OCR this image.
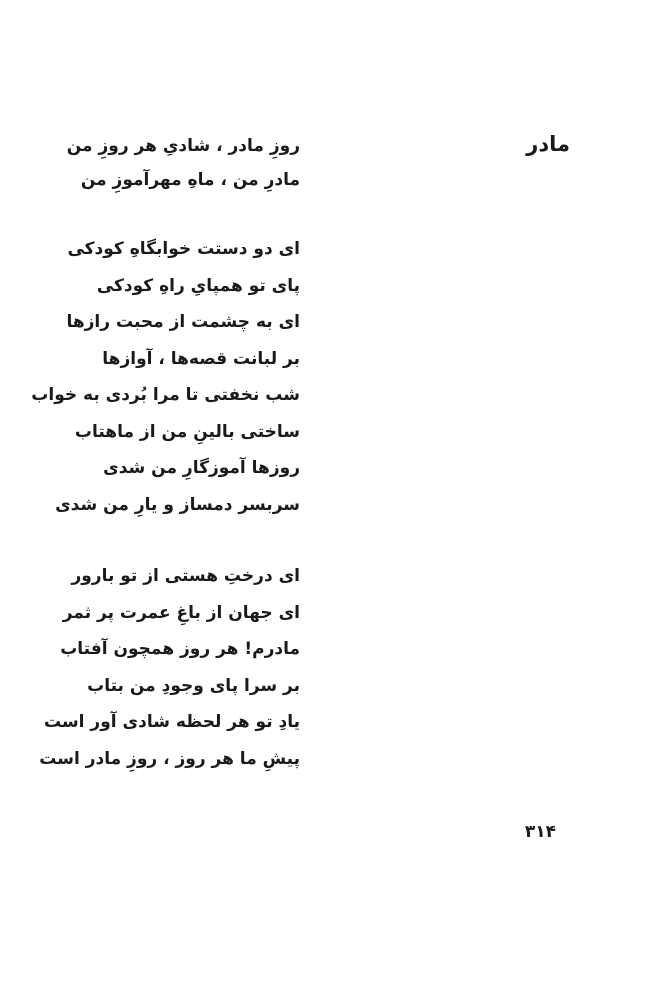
مادر
روزِ مادر ، شادیِ هر روزِ من
مادرِ من ، ماهِ مهرآموزِ من
ای دو دستت خوابگاهِ کودکی
پای تو همپایِ راهِ کودکی
ای به چشمت از محبت رازها
بر لبانت قصه‌ها ، آوازها
شب نخفتی تا مرا بُردی به خواب
ساختی بالینِ من از ماهتاب
روزها آموزگارِ من شدی
سربسر دمساز و یارِ من شدی
ای درختِ هستی از تو بارور
ای جهان از باغِ عمرت پر ثمر
مادرم! هر روز همچون آفتاب
بر سرا پای وجودِ من بتاب
یادِ تو هر لحظه شادی آور است
پیشِ ما هر روز ، روزِ مادر است
۳۱۴
